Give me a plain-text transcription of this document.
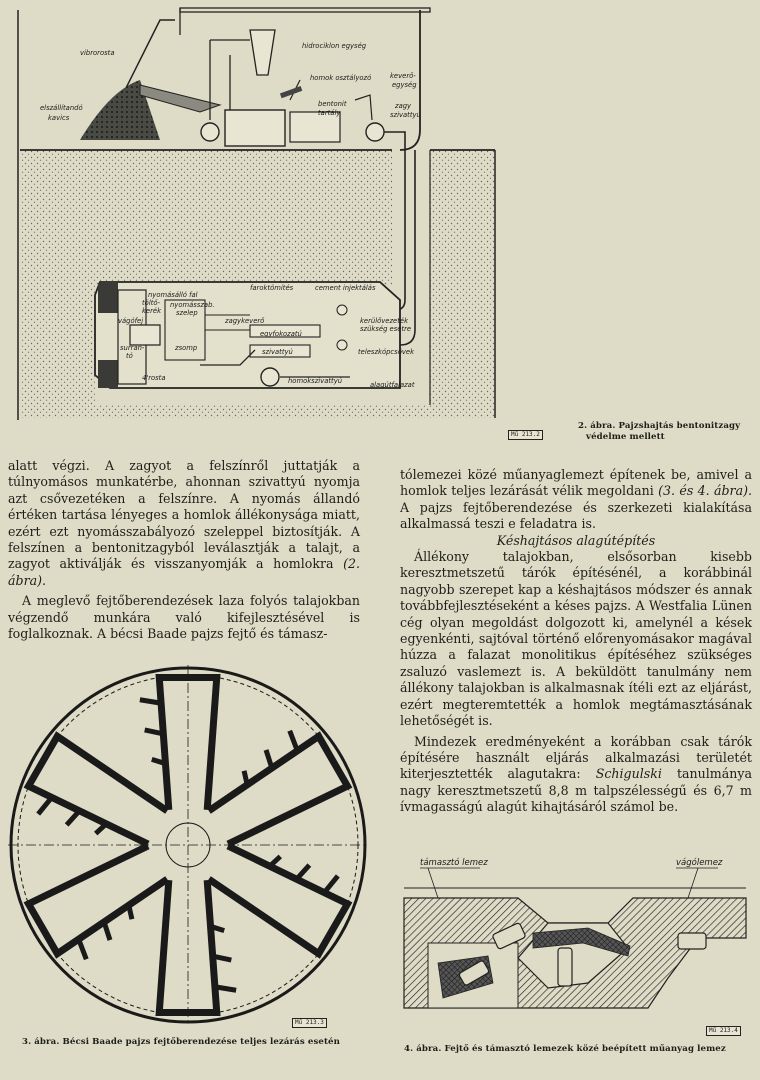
vibrorosta
hidrociklon egység
homok osztályozó	keverő-
egység
elszállítandó
kavics
bentonit
tartály
zagy
szivattyú
nyomásálló fal
faroktömítés	cement injektálás
töltő-
kerék
nyomásszab.
szelep
vágófej	zagykeverő
egyfokozatú
szivattyú
kerülővezeték
szükség esetre
surran-
tó
zsomp	teleszkópcsövek
4'rosta	homokszivattyú	alagútfalazat
Mű 213.2
2. ábra. Pajzshajtás bentonitzagy
védelme mellett

alatt végzi. A zagyot a felszínről juttatják a túlnyomásos munkatérbe, ahonnan szivattyú nyomja azt csővezetéken a felszínre. A nyomás állandó értéken tartása lényeges a homlok állékonysága miatt, ezért ezt nyomásszabályozó szeleppel biztosítják. A felszínen a bentonitzagyból leválasztják a talajt, a zagyot aktiválják és visszanyomják a homlokra (2. ábra).

A meglevő fejtőberendezések laza folyós talajokban végzendő munkára való kifejlesztésével is foglalkoznak. A bécsi Baade pajzs fejtő és támasz-

tólemezei közé műanyaglemezt építenek be, amivel a homlok teljes lezárását vélik megoldani (3. és 4. ábra). A pajzs fejtőberendezése és szerkezeti kialakítása alkalmassá teszi e feladatra is.

Késhajtásos alagútépítés

Állékony talajokban, elsősorban kisebb keresztmetszetű tárók építésénél, a korábbinál nagyobb szerepet kap a késhajtásos módszer és annak továbbfejlesztéseként a késes pajzs. A Westfalia Lünen cég olyan megoldást dolgozott ki, amelynél a kések egyenkénti, sajtóval történő előrenyomásakor magával húzza a falazat monolitikus építéséhez szükséges zsaluzó vaslemezt is. A beküldött tanulmány nem állékony talajokban is alkalmasnak ítéli ezt az eljárást, ezért megteremtették a homlok megtámasztásának lehetőségét is.

Mindezek eredményeként a korábban csak tárók építésére használt eljárás alkalmazási területét kiterjesztették alagutakra: Schigulski tanulmánya nagy keresztmetszetű 8,8 m talpszélességű és 6,7 m ívmagasságú alagút kihajtásáról számol be.

Mű 213.3
3. ábra. Bécsi Baade pajzs fejtőberendezése teljes lezárás esetén
támasztó lemez	vágólemez
Mű 213.4
4. ábra. Fejtő és támasztó lemezek közé beépített műanyag lemez
